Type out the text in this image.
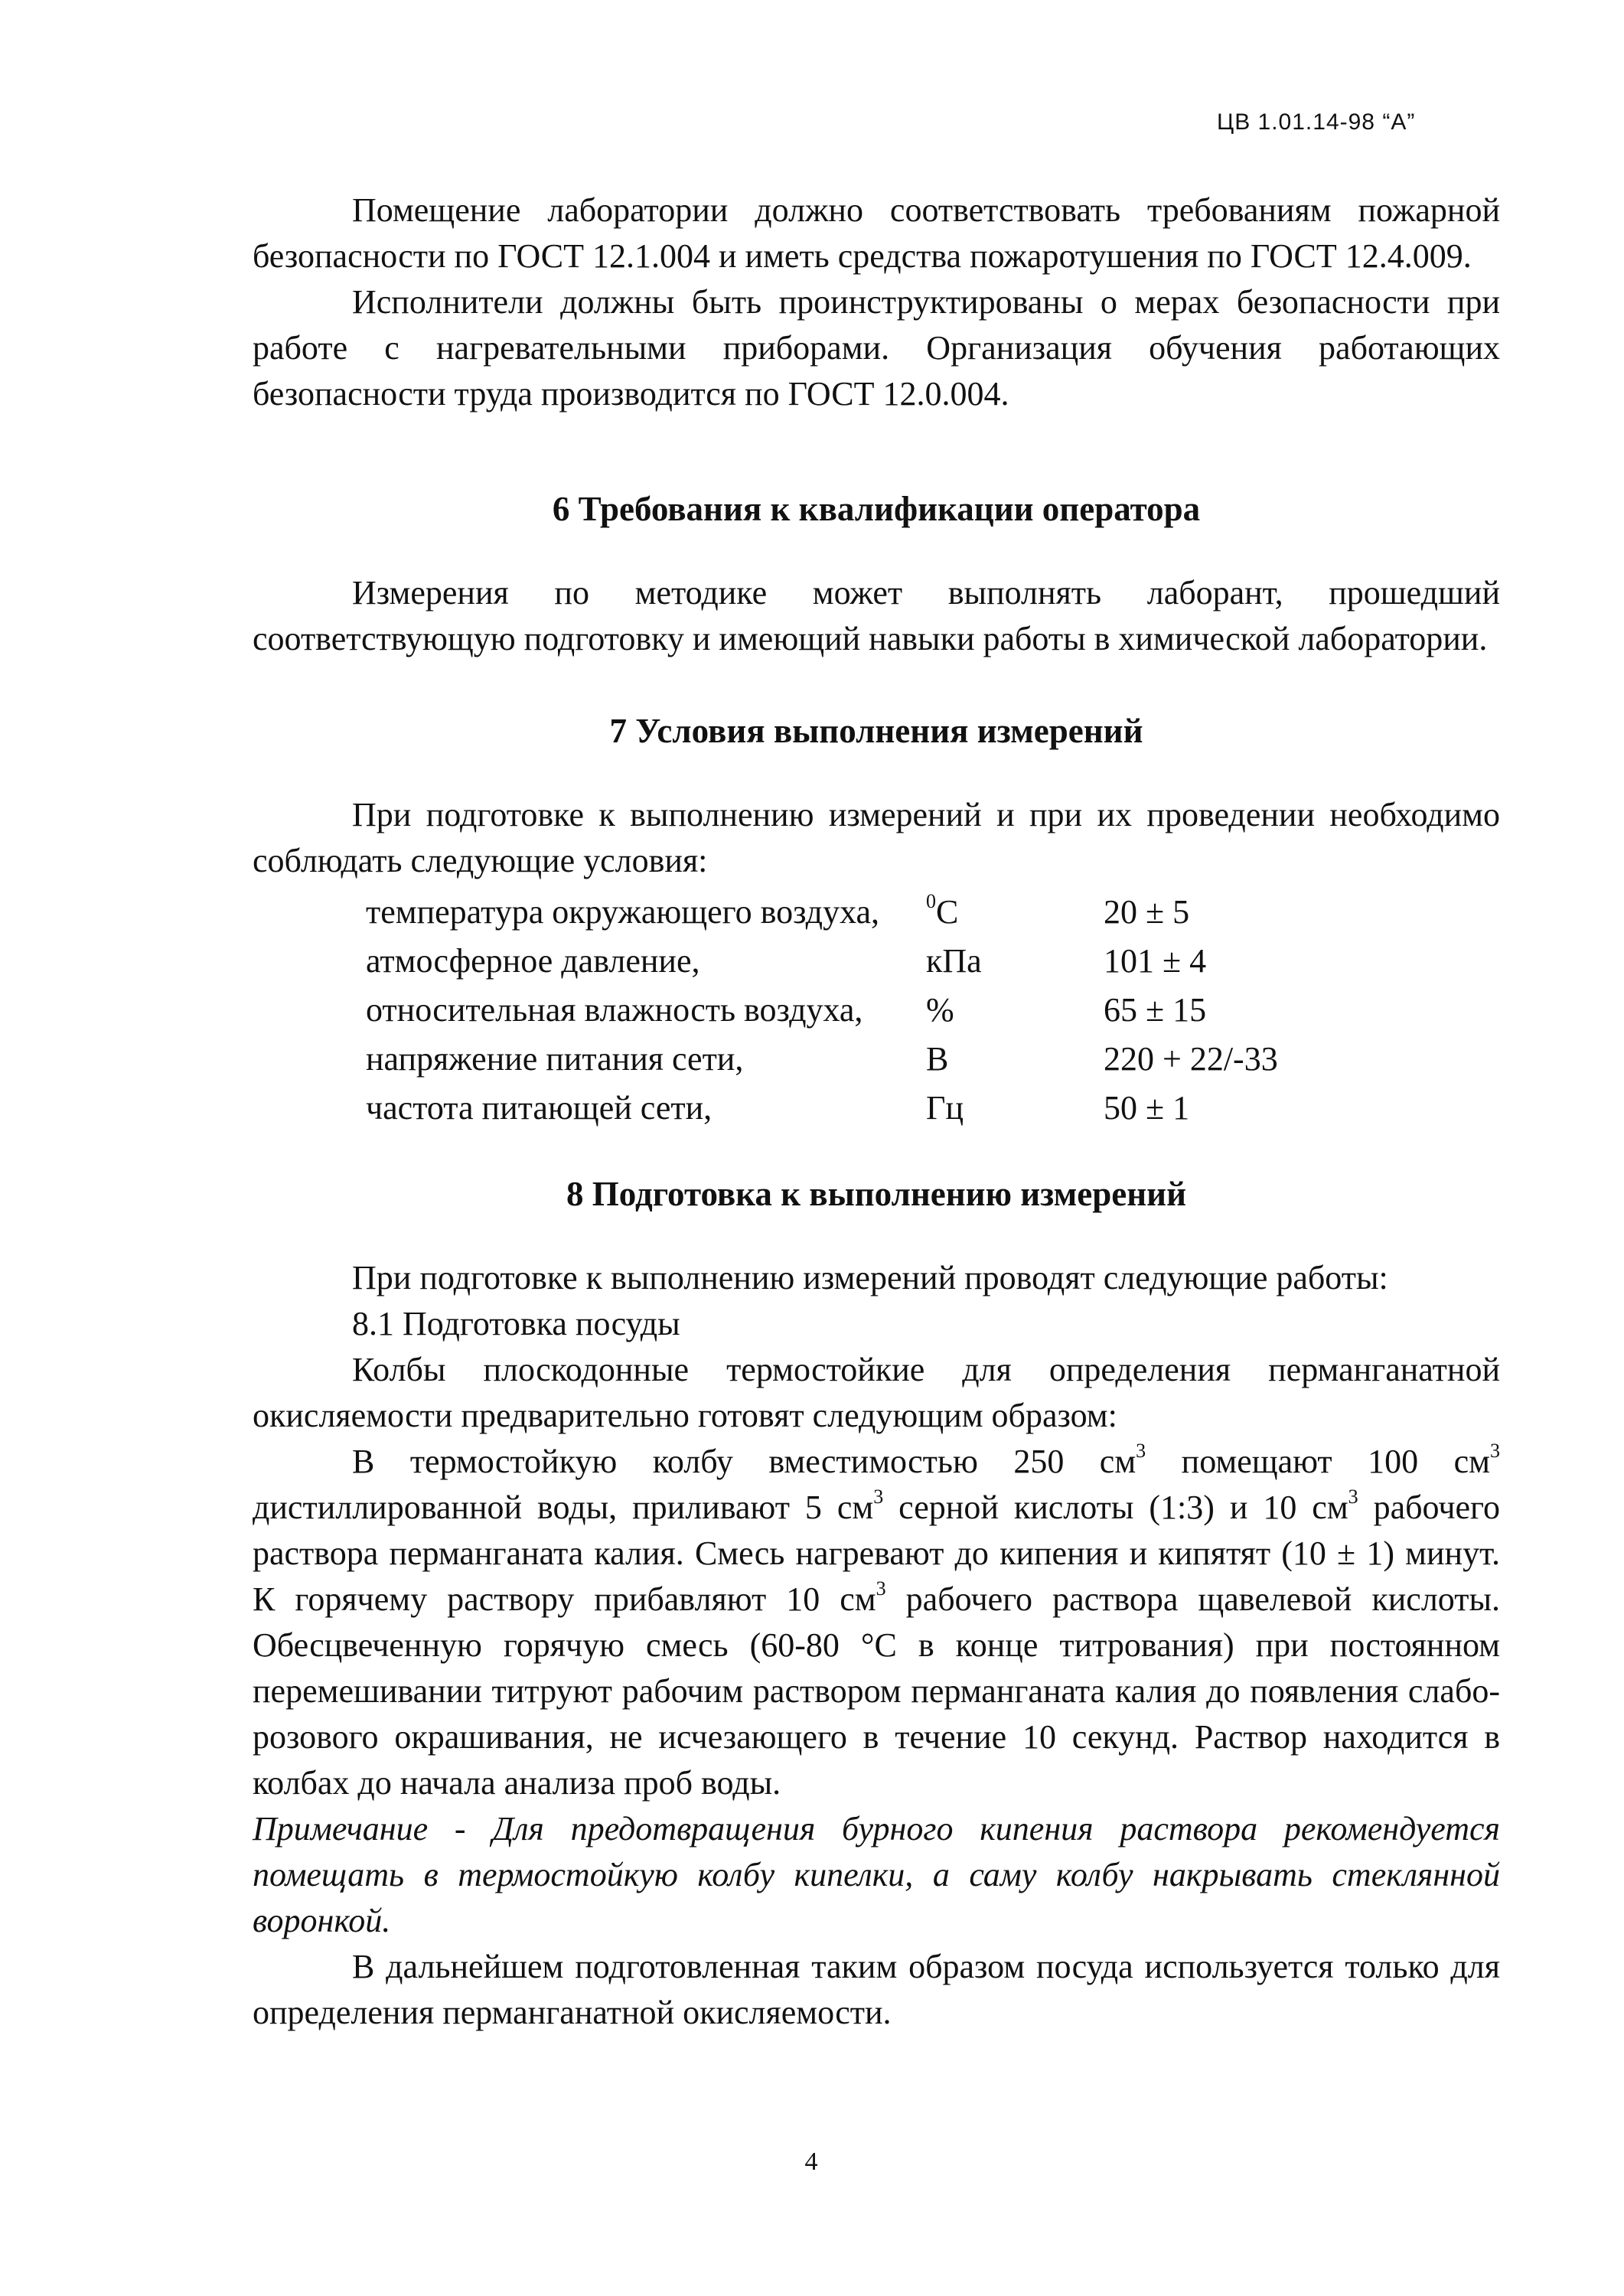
ЦВ 1.01.14-98 “А”

Помещение лаборатории должно соответствовать требованиям пожарной безопасности по ГОСТ 12.1.004 и иметь средства пожаротушения по ГОСТ 12.4.009.

Исполнители должны быть проинструктированы о мерах безопасности при работе с нагревательными приборами. Организация обучения работающих безопасности труда производится по ГОСТ 12.0.004.

6 Требования к квалификации оператора

Измерения по методике может выполнять лаборант, прошедший соответствующую подготовку и имеющий навыки работы в химической лаборатории.

7 Условия выполнения измерений

При подготовке к выполнению измерений и при их проведении необходимо соблюдать следующие условия:

температура окружающего воздуха,	$^0$С	20 ± 5
атмосферное давление,	кПа	101 ± 4
относительная влажность воздуха,	%	65 ± 15
напряжение питания сети,	В	220 + 22/-33
частота питающей сети,	Гц	50 ± 1
8 Подготовка к выполнению измерений

При подготовке к выполнению измерений проводят следующие работы:

8.1 Подготовка посуды

Колбы плоскодонные термостойкие для определения перманганатной окисляемости предварительно готовят следующим образом:

В термостойкую колбу вместимостью 250 $см^3$ помещают 100 $см^3$ дистиллированной воды, приливают 5 $см^3$ серной кислоты (1:3) и 10 $см^3$ рабочего раствора перманганата калия. Смесь нагревают до кипения и кипятят (10 ± 1) минут. К горячему раствору прибавляют 10 $см^3$ рабочего раствора щавелевой кислоты. Обесцвеченную горячую смесь (60-80 °С в конце титрования) при постоянном перемешивании титруют рабочим раствором перманганата калия до появления слабо-розового окрашивания, не исчезающего в течение 10 секунд. Раствор находится в колбах до начала анализа проб воды.

Примечание - Для предотвращения бурного кипения раствора рекомендуется помещать в термостойкую колбу кипелки, а саму колбу накрывать стеклянной воронкой.

В дальнейшем подготовленная таким образом посуда используется только для определения перманганатной окисляемости.

4
